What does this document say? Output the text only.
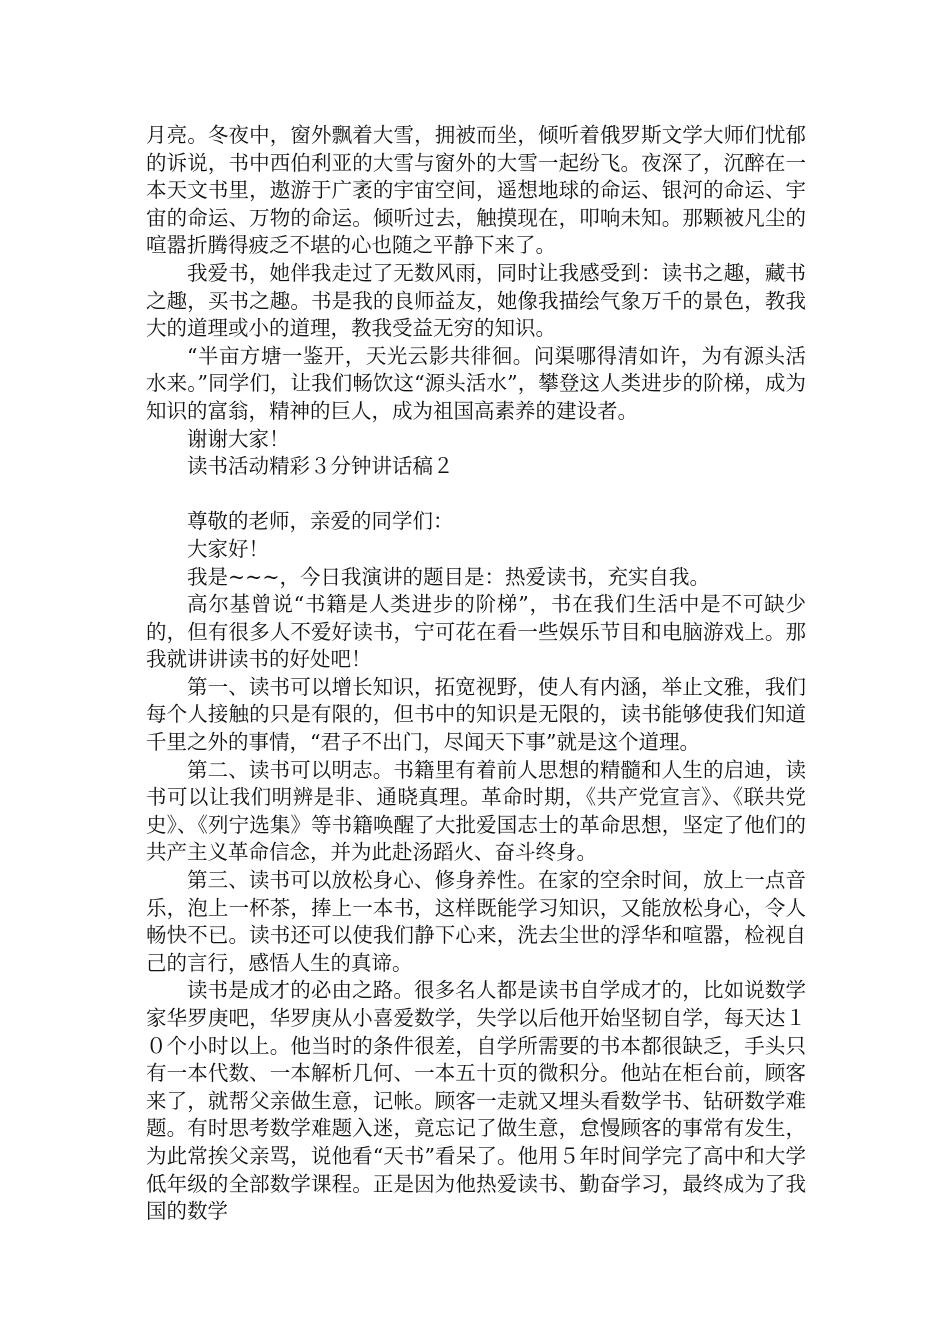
月亮。冬夜中，窗外飘着大雪，拥被而坐，倾听着俄罗斯文学大师们忧郁的诉说，书中西伯利亚的大雪与窗外的大雪一起纷飞。夜深了，沉醉在一本天文书里，遨游于广袤的宇宙空间，遥想地球的命运、银河的命运、宇宙的命运、万物的命运。倾听过去，触摸现在，叩响未知。那颗被凡尘的喧嚣折腾得疲乏不堪的心也随之平静下来了。

我爱书，她伴我走过了无数风雨，同时让我感受到：读书之趣，藏书之趣，买书之趣。书是我的良师益友，她像我描绘气象万千的景色，教我大的道理或小的道理，教我受益无穷的知识。

“半亩方塘一鉴开，天光云影共徘徊。问渠哪得清如许，为有源头活水来。”同学们，让我们畅饮这“源头活水”，攀登这人类进步的阶梯，成为知识的富翁，精神的巨人，成为祖国高素养的建设者。

谢谢大家！

读书活动精彩３分钟讲话稿２

尊敬的老师，亲爱的同学们：

大家好！

我是~~~，今日我演讲的题目是：热爱读书，充实自我。

高尔基曾说“书籍是人类进步的阶梯”，书在我们生活中是不可缺少的，但有很多人不爱好读书，宁可花在看一些娱乐节目和电脑游戏上。那我就讲讲读书的好处吧！

第一、读书可以增长知识，拓宽视野，使人有内涵，举止文雅，我们每个人接触的只是有限的，但书中的知识是无限的，读书能够使我们知道千里之外的事情，“君子不出门，尽闻天下事”就是这个道理。

第二、读书可以明志。书籍里有着前人思想的精髓和人生的启迪，读书可以让我们明辨是非、通晓真理。革命时期，《共产党宣言》、《联共党史》、《列宁选集》等书籍唤醒了大批爱国志士的革命思想，坚定了他们的共产主义革命信念，并为此赴汤蹈火、奋斗终身。

第三、读书可以放松身心、修身养性。在家的空余时间，放上一点音乐，泡上一杯茶，捧上一本书，这样既能学习知识，又能放松身心，令人畅快不已。读书还可以使我们静下心来，洗去尘世的浮华和喧嚣，检视自己的言行，感悟人生的真谛。

读书是成才的必由之路。很多名人都是读书自学成才的，比如说数学家华罗庚吧，华罗庚从小喜爱数学，失学以后他开始坚韧自学，每天达１０个小时以上。他当时的条件很差，自学所需要的书本都很缺乏，手头只有一本代数、一本解析几何、一本五十页的微积分。他站在柜台前，顾客来了，就帮父亲做生意，记帐。顾客一走就又埋头看数学书、钻研数学难题。有时思考数学难题入迷，竟忘记了做生意，怠慢顾客的事常有发生，为此常挨父亲骂，说他看“天书”看呆了。他用５年时间学完了高中和大学低年级的全部数学课程。正是因为他热爱读书、勤奋学习，最终成为了我国的数学
